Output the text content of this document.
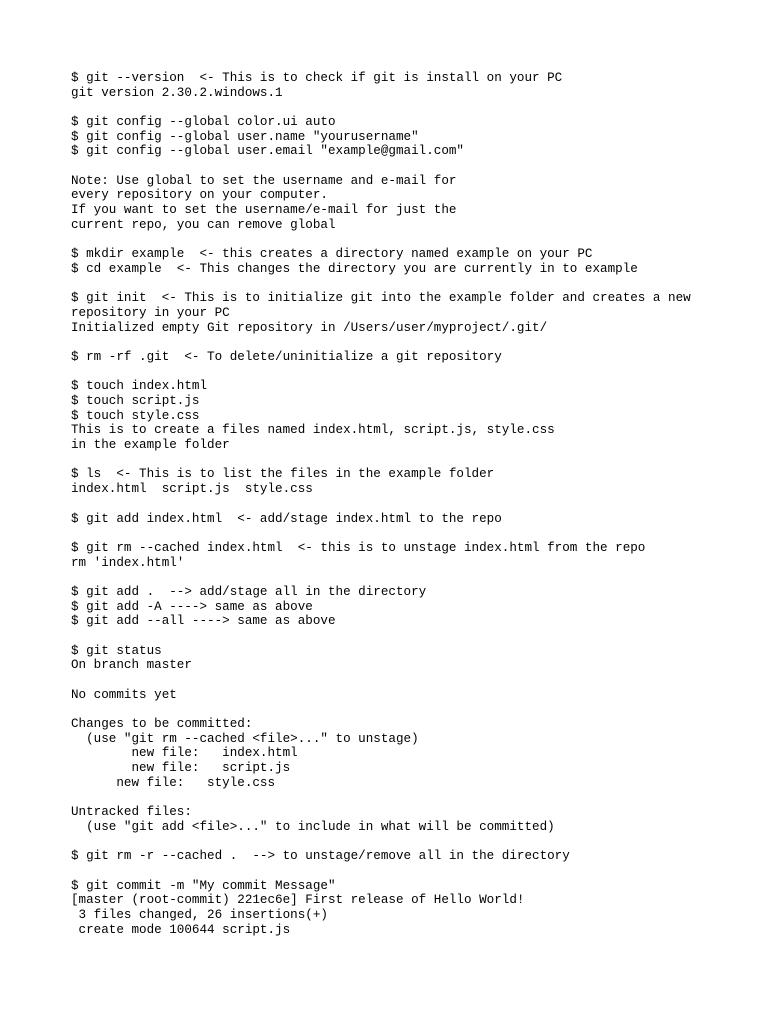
$ git --version  <- This is to check if git is install on your PC
git version 2.30.2.windows.1
$ git config --global color.ui auto
$ git config --global user.name "yourusername"
$ git config --global user.email "example@gmail.com"
Note: Use global to set the username and e-mail for
every repository on your computer.
If you want to set the username/e-mail for just the
current repo, you can remove global
$ mkdir example  <- this creates a directory named example on your PC
$ cd example  <- This changes the directory you are currently in to example
$ git init  <- This is to initialize git into the example folder and creates a new
repository in your PC
Initialized empty Git repository in /Users/user/myproject/.git/
$ rm -rf .git  <- To delete/uninitialize a git repository
$ touch index.html
$ touch script.js
$ touch style.css
This is to create a files named index.html, script.js, style.css
in the example folder
$ ls  <- This is to list the files in the example folder
index.html  script.js  style.css
$ git add index.html  <- add/stage index.html to the repo
$ git rm --cached index.html  <- this is to unstage index.html from the repo
rm 'index.html'
$ git add .  --> add/stage all in the directory
$ git add -A ----> same as above
$ git add --all ----> same as above
$ git status
On branch master
No commits yet
Changes to be committed:
(use "git rm --cached <file>..." to unstage)
new file:   index.html
new file:   script.js
new file:   style.css
Untracked files:
(use "git add <file>..." to include in what will be committed)
$ git rm -r --cached .  --> to unstage/remove all in the directory
$ git commit -m "My commit Message"
[master (root-commit) 221ec6e] First release of Hello World!
3 files changed, 26 insertions(+)
create mode 100644 script.js
